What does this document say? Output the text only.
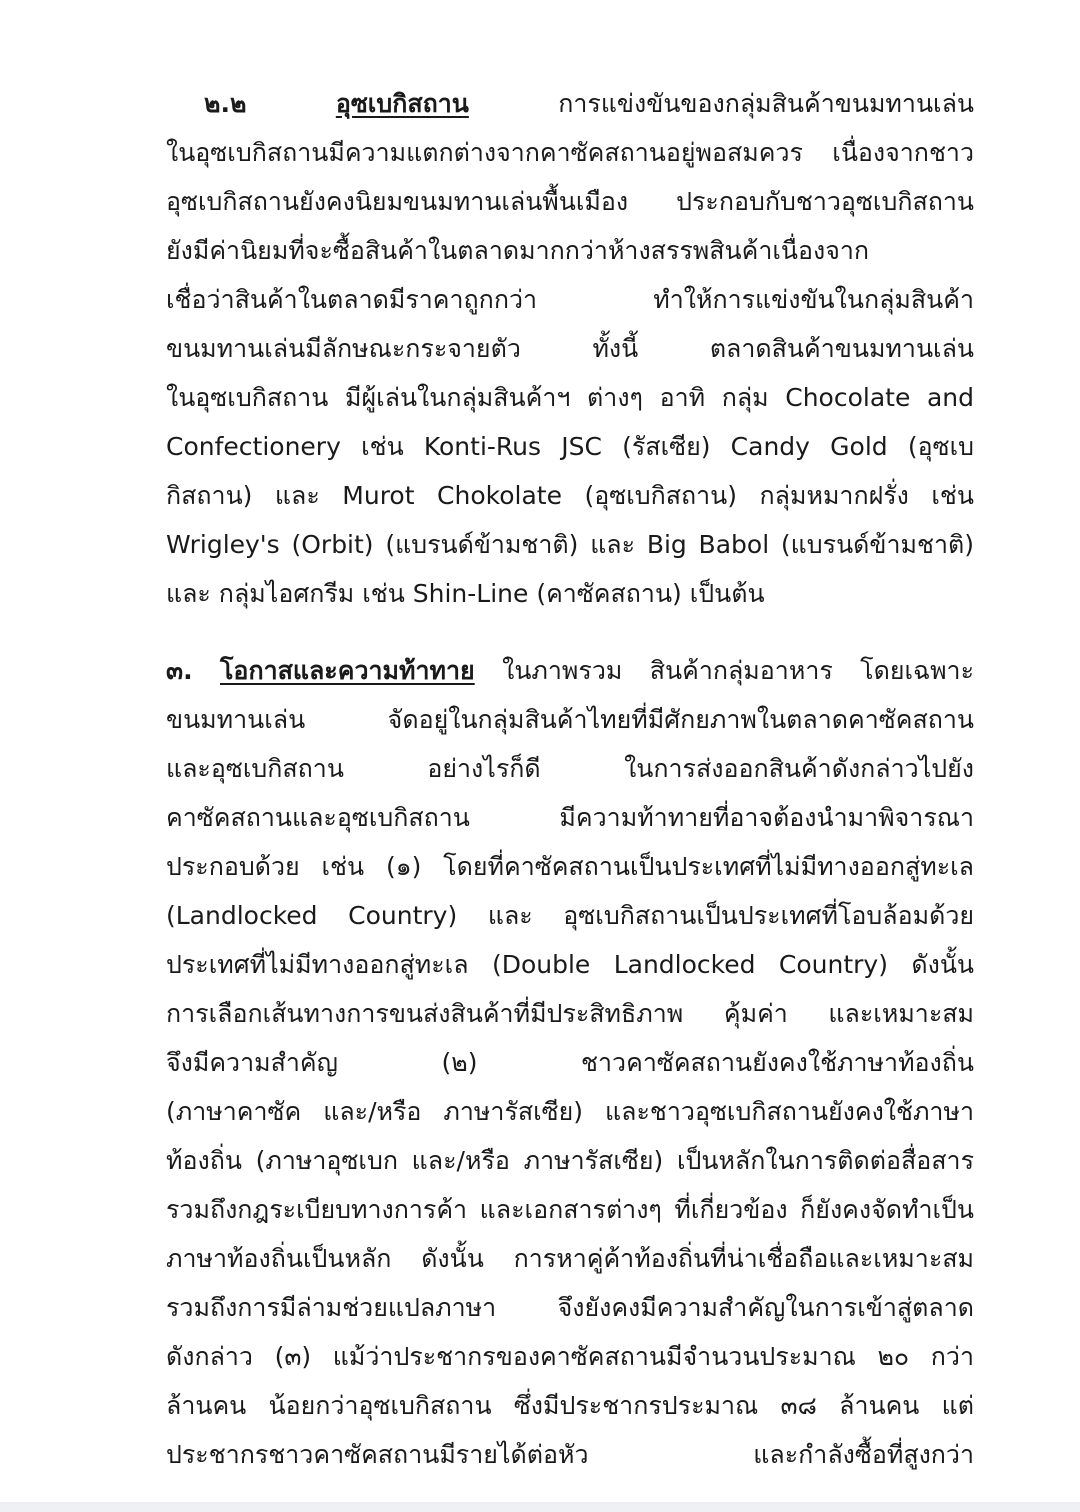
๒.๒	อุซเบกิสถาน	การแข่งขันของกลุ่มสินค้าขนมทานเล่น
ในอุซเบกิสถานมีความแตกต่างจากคาซัคสถานอยู่พอสมควร เนื่องจากชาว
อุซเบกิสถานยังคงนิยมขนมทานเล่นพื้นเมือง ประกอบกับชาวอุซเบกิสถาน
ยังมีค่านิยมที่จะซื้อสินค้าในตลาดมากกว่าห้างสรรพสินค้าเนื่องจาก
เชื่อว่าสินค้าในตลาดมีราคาถูกกว่า ทำให้การแข่งขันในกลุ่มสินค้า
ขนมทานเล่นมีลักษณะกระจายตัว ทั้งนี้ ตลาดสินค้าขนมทานเล่น
ในอุซเบกิสถาน มีผู้เล่นในกลุ่มสินค้าฯ ต่างๆ อาทิ กลุ่ม Chocolate and
Confectionery เช่น Konti-Rus JSC (รัสเซีย) Candy Gold (อุซเบ
กิสถาน) และ Murot Chokolate (อุซเบกิสถาน) กลุ่มหมากฝรั่ง เช่น
Wrigley's (Orbit) (แบรนด์ข้ามชาติ) และ Big Babol (แบรนด์ข้ามชาติ)
และ กลุ่มไอศกรีม เช่น Shin-Line (คาซัคสถาน) เป็นต้น
๓. โอกาสและความท้าทาย ในภาพรวม สินค้ากลุ่มอาหาร โดยเฉพาะ
ขนมทานเล่น จัดอยู่ในกลุ่มสินค้าไทยที่มีศักยภาพในตลาดคาซัคสถาน
และอุซเบกิสถาน อย่างไรก็ดี ในการส่งออกสินค้าดังกล่าวไปยัง
คาซัคสถานและอุซเบกิสถาน มีความท้าทายที่อาจต้องนำมาพิจารณา
ประกอบด้วย เช่น (๑) โดยที่คาซัคสถานเป็นประเทศที่ไม่มีทางออกสู่ทะเล
(Landlocked Country) และ อุซเบกิสถานเป็นประเทศที่โอบล้อมด้วย
ประเทศที่ไม่มีทางออกสู่ทะเล (Double Landlocked Country) ดังนั้น
การเลือกเส้นทางการขนส่งสินค้าที่มีประสิทธิภาพ คุ้มค่า และเหมาะสม
จึงมีความสำคัญ (๒) ชาวคาซัคสถานยังคงใช้ภาษาท้องถิ่น
(ภาษาคาซัค และ/หรือ ภาษารัสเซีย) และชาวอุซเบกิสถานยังคงใช้ภาษา
ท้องถิ่น (ภาษาอุซเบก และ/หรือ ภาษารัสเซีย) เป็นหลักในการติดต่อสื่อสาร
รวมถึงกฎระเบียบทางการค้า และเอกสารต่างๆ ที่เกี่ยวข้อง ก็ยังคงจัดทำเป็น
ภาษาท้องถิ่นเป็นหลัก ดังนั้น การหาคู่ค้าท้องถิ่นที่น่าเชื่อถือและเหมาะสม
รวมถึงการมีล่ามช่วยแปลภาษา จึงยังคงมีความสำคัญในการเข้าสู่ตลาด
ดังกล่าว (๓) แม้ว่าประชากรของคาซัคสถานมีจำนวนประมาณ ๒๐ กว่า
ล้านคน น้อยกว่าอุซเบกิสถาน ซึ่งมีประชากรประมาณ ๓๘ ล้านคน แต่
ประชากรชาวคาซัคสถานมีรายได้ต่อหัว และกำลังซื้อที่สูงกว่า
